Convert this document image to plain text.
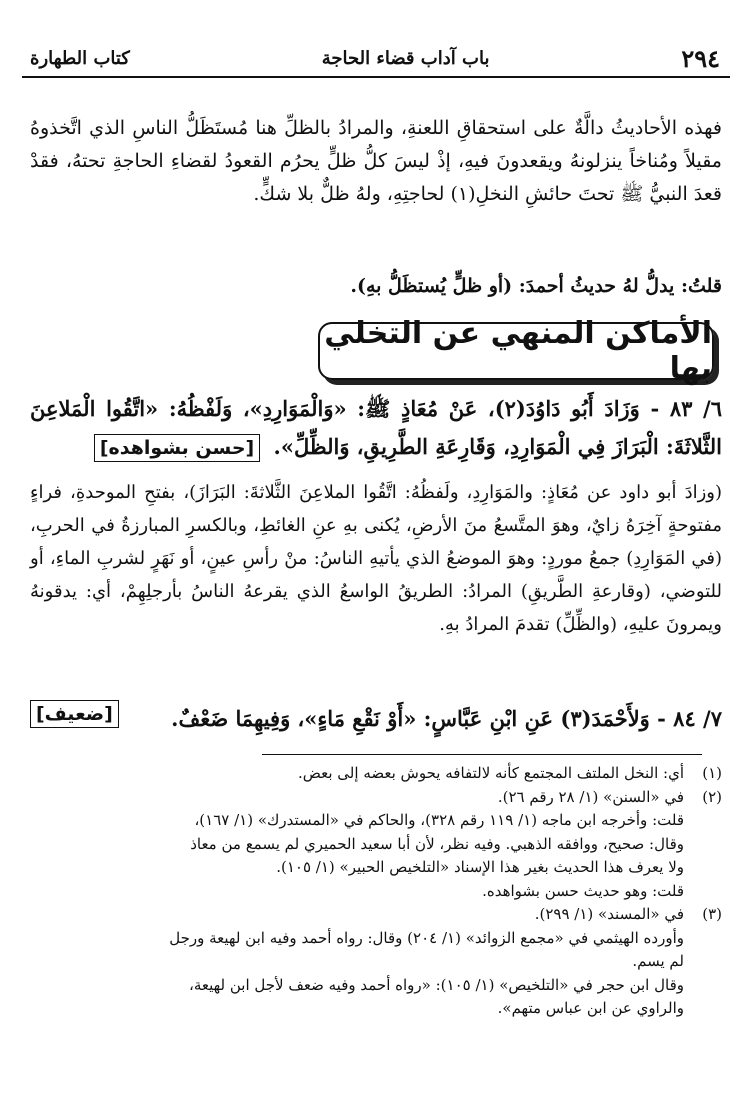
٢٩٤
باب آداب قضاء الحاجة
كتاب الطهارة
فهذه الأحاديثُ دالَّةٌ على استحقاقِ اللعنةِ، والمرادُ بالظلِّ هنا مُستَظَلُّ الناسِ الذي اتَّخذوهُ مقيلاً ومُناخاً ينزلونهُ ويقعدونَ فيهِ، إذْ ليسَ كلُّ ظلٍّ يحرُم القعودُ لقضاءِ الحاجةِ تحتهُ، فقدْ قعدَ النبيُّ ﷺ تحتَ حائشِ النخلِ(١) لحاجتِهِ، ولهُ ظلٌّ بلا شكٍّ.
قلتُ: يدلُّ لهُ حديثُ أحمدَ: (أو ظلٍّ يُستظَلُّ بهِ).
الأماكن المنهي عن التخلي بها
٦/ ٨٣ - وَزَادَ أَبُو دَاوُدَ(٢)، عَنْ مُعَاذٍ ﷺ: «وَالْمَوَارِدِ»، وَلَفْظُهُ: «اتَّقُوا الْمَلاعِنَ الثَّلاثَةَ: الْبَرَازَ فِي الْمَوَارِدِ، وَقَارِعَةِ الطَّرِيقِ، وَالظِّلِّ». [حسن بشواهده]
(وزادَ أبو داود عن مُعَاذٍ: والمَوَارِدِ، ولَفظُهُ: اتَّقُوا الملاعِنَ الثَّلاثةَ: البَرَازَ)، بفتحِ الموحدةِ، فراءٍ مفتوحةٍ آخِرَهُ زايٌ، وهوَ المتَّسعُ منَ الأرضِ، يُكنى بهِ عنِ الغائطِ، وبالكسرِ المبارزةُ في الحربِ، (في المَوَارِدِ) جمعُ موردٍ: وهوَ الموضعُ الذي يأتيهِ الناسُ: منْ رأسِ عينٍ، أو نَهَرٍ لشربِ الماءِ، أو للتوضي، (وقارعةِ الطَّريقِ) المرادُ: الطريقُ الواسعُ الذي يقرعهُ الناسُ بأرجلِهِمْ، أي: يدقونهُ ويمرونَ عليهِ، (والظِّلِّ) تقدمَ المرادُ بهِ.
[ضعيف]	٧/ ٨٤ - وَلأَحْمَدَ(٣) عَنِ ابْنِ عَبَّاسٍ: «أَوْ نَقْعِ مَاءٍ»، وَفِيهِمَا ضَعْفٌ.
(١)
أي: النخل الملتف المجتمع كأنه لالتفافه يحوش بعضه إلى بعض.
(٢)
في «السنن» (١/ ٢٨ رقم ٢٦).
قلت: وأخرجه ابن ماجه (١/ ١١٩ رقم ٣٢٨)، والحاكم في «المستدرك» (١/ ١٦٧)،
وقال: صحيح، ووافقه الذهبي. وفيه نظر، لأن أبا سعيد الحميري لم يسمع من معاذ
ولا يعرف هذا الحديث بغير هذا الإسناد «التلخيص الحبير» (١/ ١٠٥).
قلت: وهو حديث حسن بشواهده.
(٣)
في «المسند» (١/ ٢٩٩).
وأورده الهيثمي في «مجمع الزوائد» (١/ ٢٠٤) وقال: رواه أحمد وفيه ابن لهيعة ورجل
لم يسم.
وقال ابن حجر في «التلخيص» (١/ ١٠٥): «رواه أحمد وفيه ضعف لأجل ابن لهيعة،
والراوي عن ابن عباس متهم».
